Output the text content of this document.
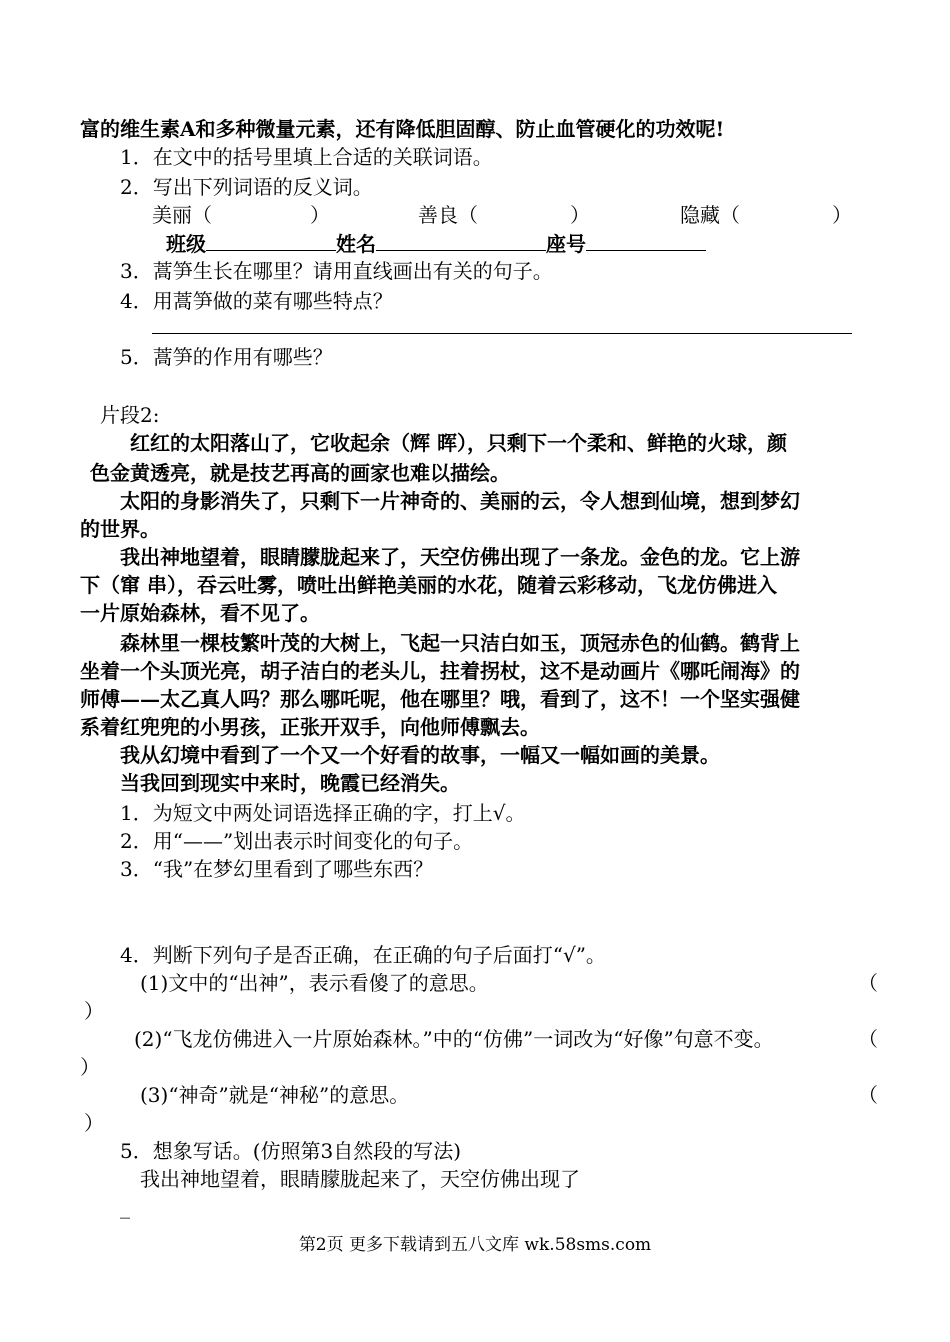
富的维生素A和多种微量元素，还有降低胆固醇、防止血管硬化的功效呢!
1．在文中的括号里填上合适的关联词语。
2．写出下列词语的反义词。
美丽（	）	善良（	）	隐藏（	）
班级	姓名	座号
3．蒿笋生长在哪里？请用直线画出有关的句子。
4．用蒿笋做的菜有哪些特点？
5．蒿笋的作用有哪些？
片段2:
红红的太阳落山了，它收起余（辉 晖），只剩下一个柔和、鲜艳的火球，颜
色金黄透亮，就是技艺再高的画家也难以描绘。
太阳的身影消失了，只剩下一片神奇的、美丽的云，令人想到仙境，想到梦幻
的世界。
我出神地望着，眼睛朦胧起来了，天空仿佛出现了一条龙。金色的龙。它上游
下（窜 串），吞云吐雾，喷吐出鲜艳美丽的水花，随着云彩移动，飞龙仿佛进入
一片原始森林，看不见了。
森林里一棵枝繁叶茂的大树上，飞起一只洁白如玉，顶冠赤色的仙鹤。鹤背上
坐着一个头顶光亮，胡子洁白的老头儿，拄着拐杖，这不是动画片《哪吒闹海》的
师傅——太乙真人吗？那么哪吒呢，他在哪里？哦，看到了，这不！一个坚实强健
系着红兜兜的小男孩，正张开双手，向他师傅飘去。
我从幻境中看到了一个又一个好看的故事，一幅又一幅如画的美景。
当我回到现实中来时，晚霞已经消失。
1．为短文中两处词语选择正确的字，打上√。
2．用“——”划出表示时间变化的句子。
3．“我”在梦幻里看到了哪些东西？
4．判断下列句子是否正确，在正确的句子后面打“√”。
(1)文中的“出神”，表示看傻了的意思。	（
）
(2)“飞龙仿佛进入一片原始森林。”中的“仿佛”一词改为“好像”句意不变。	（
）
(3)“神奇”就是“神秘”的意思。	（
）
5．想象写话。(仿照第3自然段的写法)
我出神地望着，眼睛朦胧起来了，天空仿佛出现了
_
第2页 更多下载请到五八文库 wk.58sms.com
